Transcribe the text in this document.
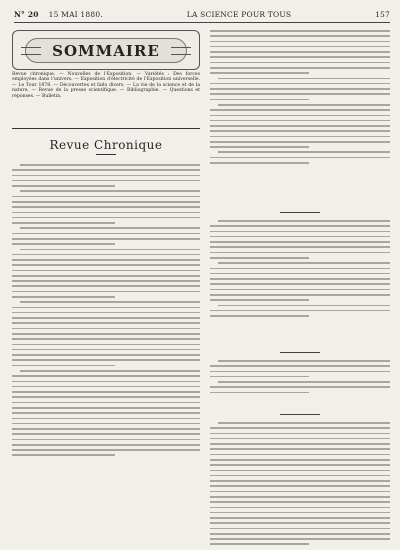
N° 20 15 MAI 1880.	LA SCIENCE POUR TOUS	157
SOMMAIRE
Revue chronique. — Nouvelles de l'Exposition. — Variétés : Des forces employées dans l'univers. — Exposition d'électricité de l'Exposition universelle. — Le Tour 1878. — Découvertes et faits divers. — La vie de la science et de la nature. — Revue de la presse scientifique. — Bibliographie. — Questions et réponses. — Bulletin.
Revue Chronique
